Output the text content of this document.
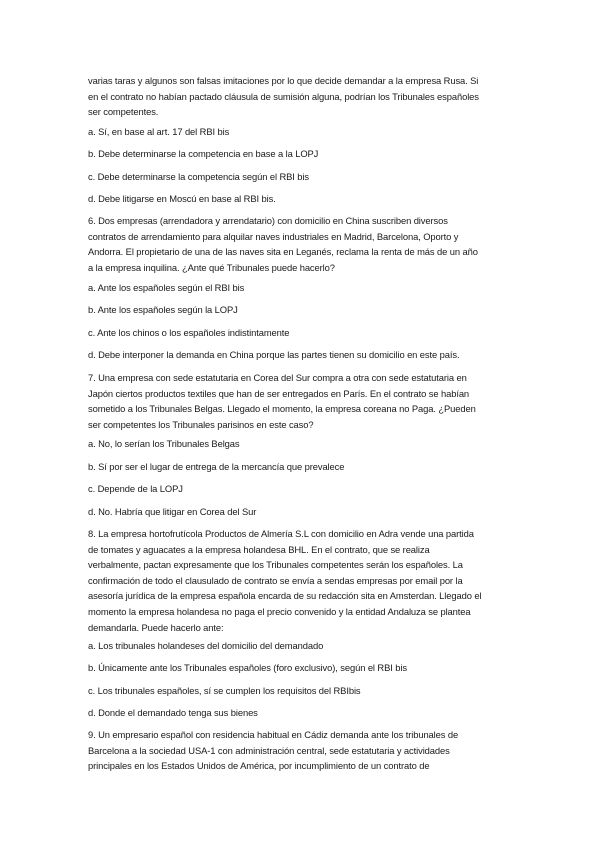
varias taras y algunos son falsas imitaciones por lo que decide demandar a la empresa Rusa. Si
en el contrato no habían pactado cláusula de sumisión alguna, podrían los Tribunales españoles
ser competentes.

a. Sí, en base al art. 17 del RBI bis

b. Debe determinarse la competencia en base a la LOPJ

c. Debe determinarse la competencia según el RBI bis

d. Debe litigarse en Moscú en base al RBI bis.

6. Dos empresas (arrendadora y arrendatario) con domicilio en China suscriben diversos
contratos de arrendamiento para alquilar naves industriales en Madrid, Barcelona, Oporto y
Andorra. El propietario de una de las naves sita en Leganés, reclama la renta de más de un año
a la empresa inquilina. ¿Ante qué Tribunales puede hacerlo?

a. Ante los españoles según el RBI bis

b. Ante los españoles según la LOPJ

c. Ante los chinos o los españoles indistintamente

d. Debe interponer la demanda en China porque las partes tienen su domicilio en este país.

7. Una empresa con sede estatutaria en Corea del Sur compra a otra con sede estatutaria en
Japón ciertos productos textiles que han de ser entregados en París. En el contrato se habían
sometido a los Tribunales Belgas. Llegado el momento, la empresa coreana no Paga. ¿Pueden
ser competentes los Tribunales parisinos en este caso?

a. No, lo serían los Tribunales Belgas

b. Sí por ser el lugar de entrega de la mercancía que prevalece

c. Depende de la LOPJ

d. No. Habría que litigar en Corea del Sur

8. La empresa hortofrutícola Productos de Almería S.L con domicilio en Adra vende una partida
de tomates y aguacates a la empresa holandesa BHL. En el contrato, que se realiza
verbalmente, pactan expresamente que los Tribunales competentes serán los españoles. La
confirmación de todo el clausulado de contrato se envía a sendas empresas por email por la
asesoría jurídica de la empresa española encarda de su redacción sita en Amsterdan. Llegado el
momento la empresa holandesa no paga el precio convenido y la entidad Andaluza se plantea
demandarla. Puede hacerlo ante:

a. Los tribunales holandeses del domicilio del demandado

b. Únicamente ante los Tribunales españoles (foro exclusivo), según el RBI bis

c. Los tribunales españoles, sí se cumplen los requisitos del RBIbis

d. Donde el demandado tenga sus bienes

9. Un empresario español con residencia habitual en Cádiz demanda ante los tribunales de
Barcelona a la sociedad USA-1 con administración central, sede estatutaria y actividades
principales en los Estados Unidos de América, por incumplimiento de un contrato de
